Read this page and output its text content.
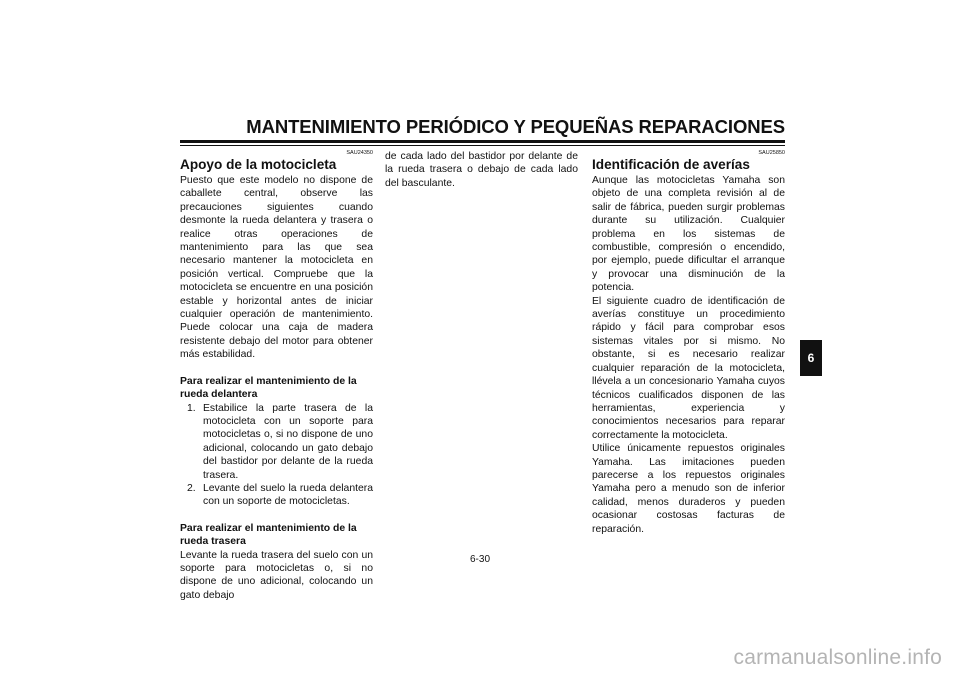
MANTENIMIENTO PERIÓDICO Y PEQUEÑAS REPARACIONES
SAU24350
Apoyo de la motocicleta

Puesto que este modelo no dispone de caballete central, observe las precauciones siguientes cuando desmonte la rueda delantera y trasera o realice otras operaciones de mantenimiento para las que sea necesario mantener la motocicleta en posición vertical. Compruebe que la motocicleta se encuentre en una posición estable y horizontal antes de iniciar cualquier operación de mantenimiento. Puede colocar una caja de madera resistente debajo del motor para obtener más estabilidad.

Para realizar el mantenimiento de la rueda delantera

1. Estabilice la parte trasera de la motocicleta con un soporte para motocicletas o, si no dispone de uno adicional, colocando un gato debajo del bastidor por delante de la rueda trasera.
2. Levante del suelo la rueda delantera con un soporte de motocicletas.

Para realizar el mantenimiento de la rueda trasera

Levante la rueda trasera del suelo con un soporte para motocicletas o, si no dispone de uno adicional, colocando un gato debajo

de cada lado del bastidor por delante de la rueda trasera o debajo de cada lado del basculante.

SAU25850
Identificación de averías

Aunque las motocicletas Yamaha son objeto de una completa revisión al de salir de fábrica, pueden surgir problemas durante su utilización. Cualquier problema en los sistemas de combustible, compresión o encendido, por ejemplo, puede dificultar el arranque y provocar una disminución de la potencia.

El siguiente cuadro de identificación de averías constituye un procedimiento rápido y fácil para comprobar esos sistemas vitales por si mismo. No obstante, si es necesario realizar cualquier reparación de la motocicleta, llévela a un concesionario Yamaha cuyos técnicos cualificados disponen de las herramientas, experiencia y conocimientos necesarios para reparar correctamente la motocicleta.

Utilice únicamente repuestos originales Yamaha. Las imitaciones pueden parecerse a los repuestos originales Yamaha pero a menudo son de inferior calidad, menos duraderos y pueden ocasionar costosas facturas de reparación.

6
6-30
carmanualsonline.info
